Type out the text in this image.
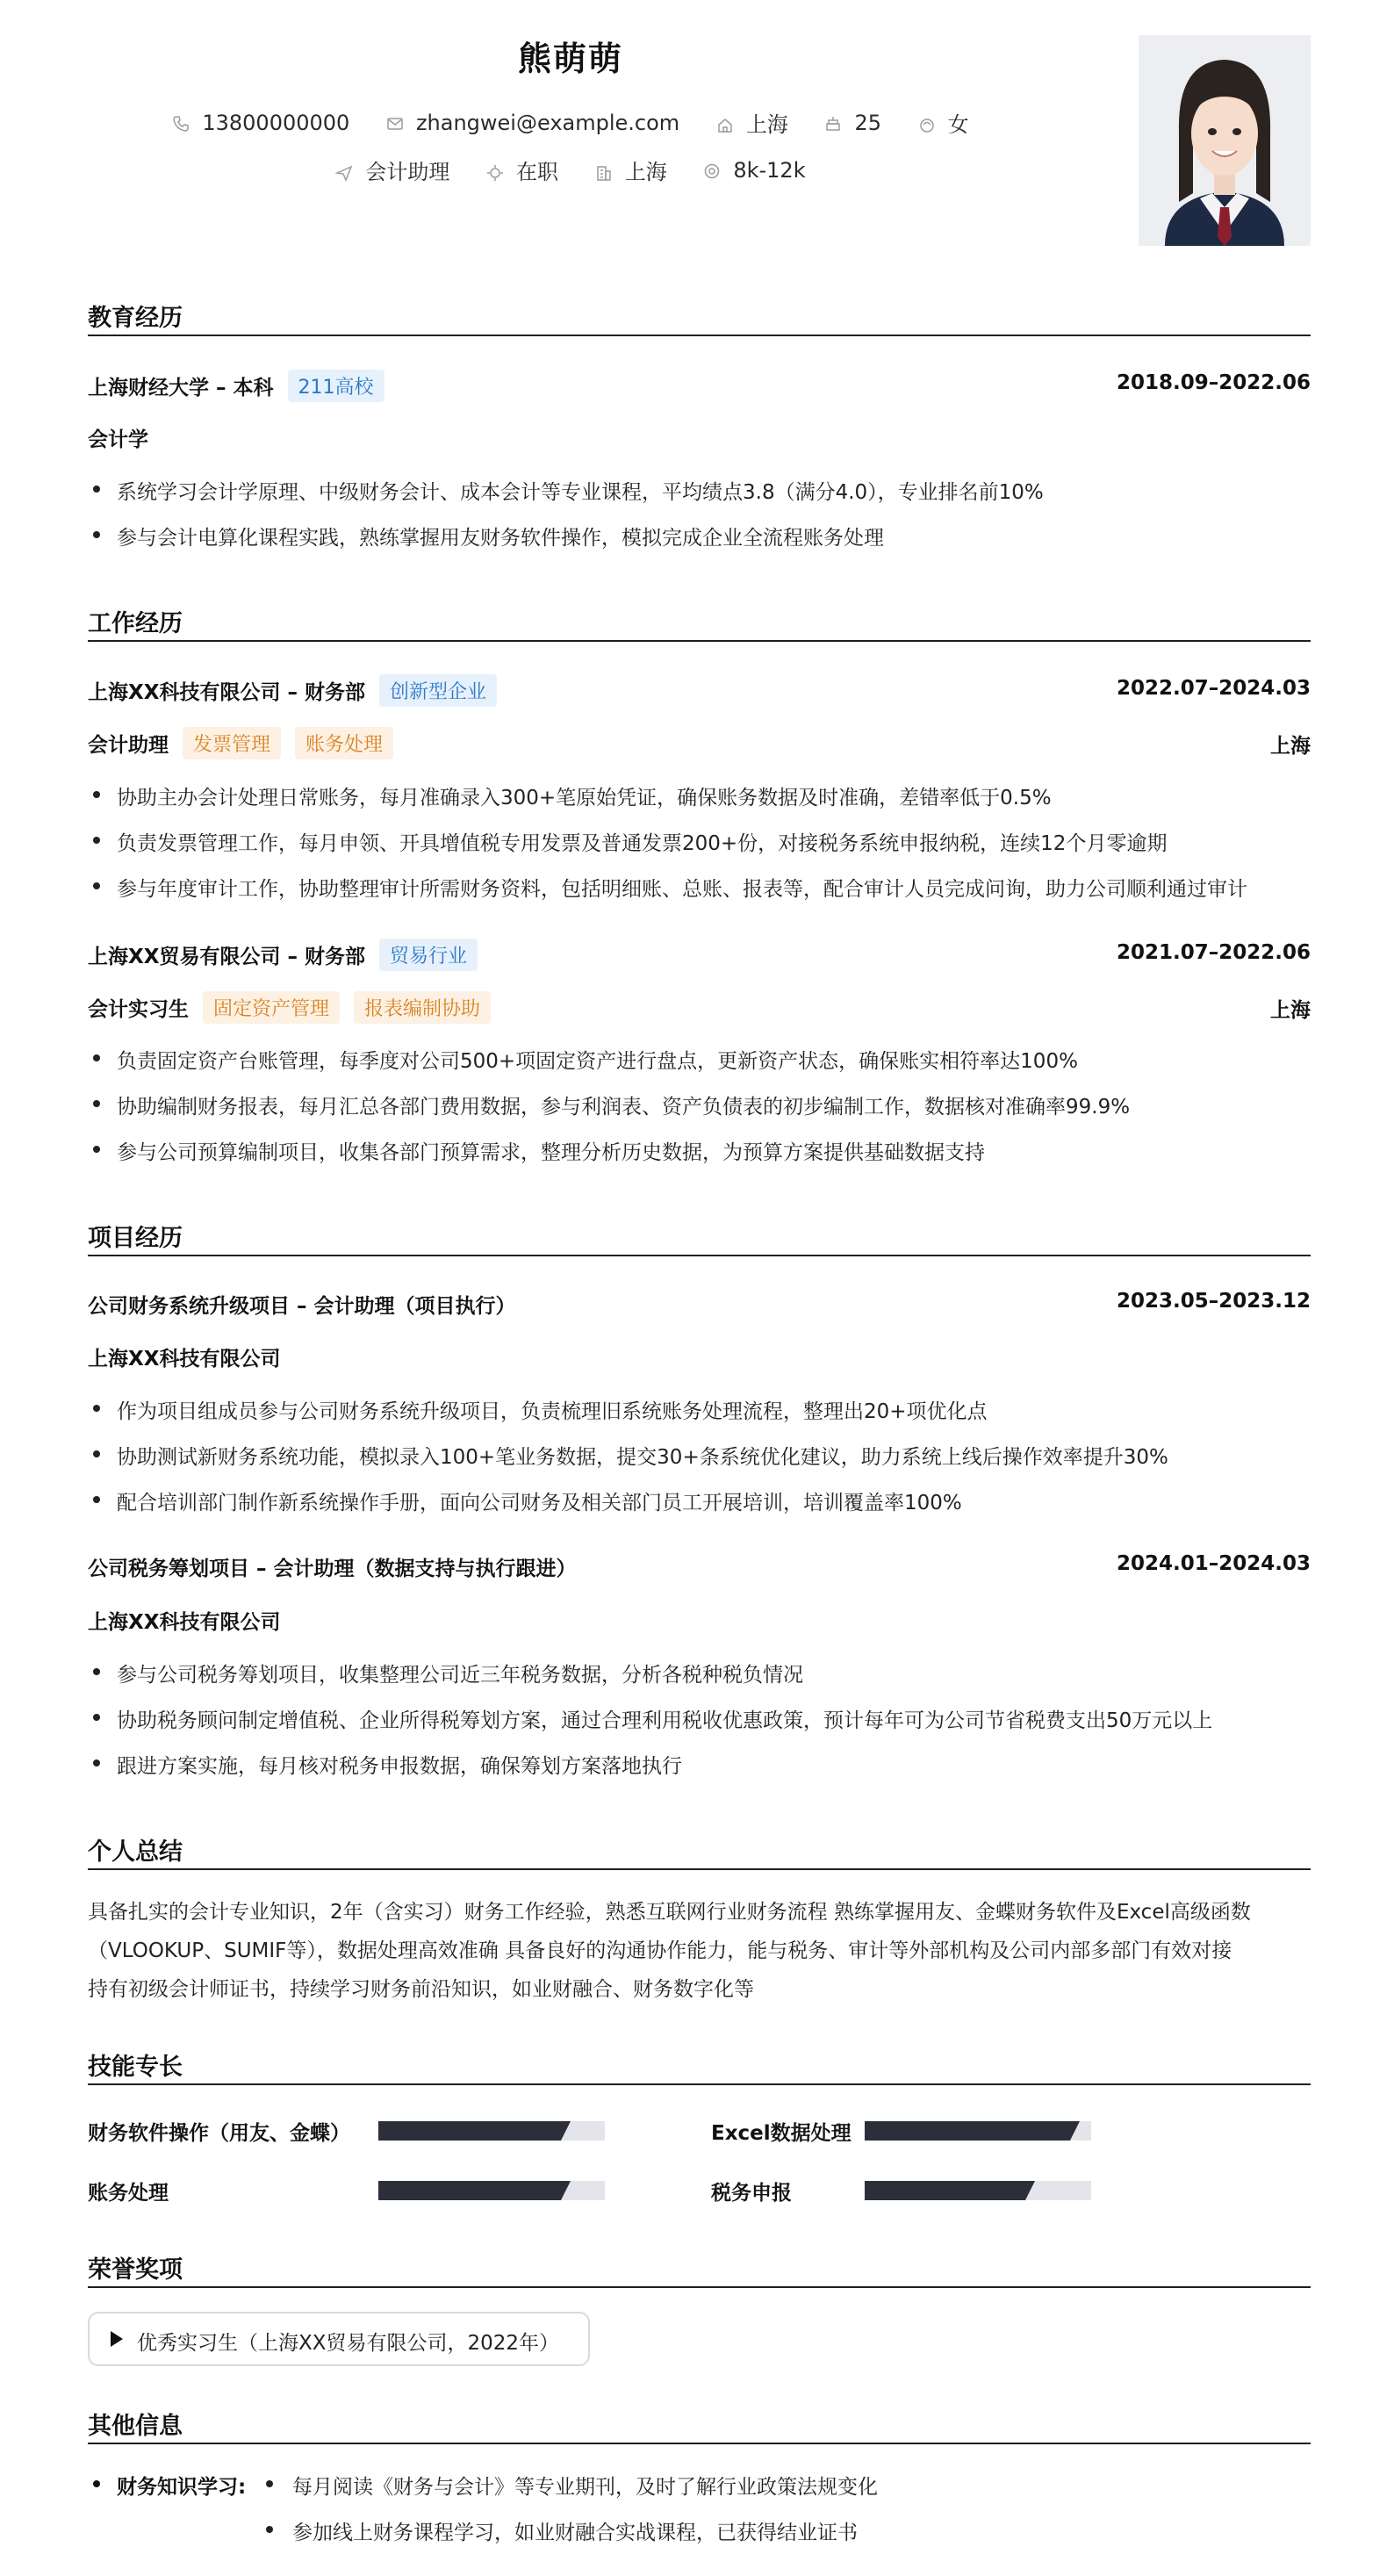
熊萌萌
13800000000	zhangwei@example.com	上海	25	女
会计助理	在职	上海	8k-12k
教育经历
上海财经大学 – 本科 211高校	2018.09–2022.06
会计学
系统学习会计学原理、中级财务会计、成本会计等专业课程，平均绩点3.8（满分4.0），专业排名前10%
参与会计电算化课程实践，熟练掌握用友财务软件操作，模拟完成企业全流程账务处理
工作经历
上海XX科技有限公司 – 财务部 创新型企业	2022.07–2024.03
会计助理 发票管理 账务处理	上海
协助主办会计处理日常账务，每月准确录入300+笔原始凭证，确保账务数据及时准确，差错率低于0.5%
负责发票管理工作，每月申领、开具增值税专用发票及普通发票200+份，对接税务系统申报纳税，连续12个月零逾期
参与年度审计工作，协助整理审计所需财务资料，包括明细账、总账、报表等，配合审计人员完成问询，助力公司顺利通过审计
上海XX贸易有限公司 – 财务部 贸易行业	2021.07–2022.06
会计实习生 固定资产管理 报表编制协助	上海
负责固定资产台账管理，每季度对公司500+项固定资产进行盘点，更新资产状态，确保账实相符率达100%
协助编制财务报表，每月汇总各部门费用数据，参与利润表、资产负债表的初步编制工作，数据核对准确率99.9%
参与公司预算编制项目，收集各部门预算需求，整理分析历史数据，为预算方案提供基础数据支持
项目经历
公司财务系统升级项目 – 会计助理（项目执行）	2023.05–2023.12
上海XX科技有限公司
作为项目组成员参与公司财务系统升级项目，负责梳理旧系统账务处理流程，整理出20+项优化点
协助测试新财务系统功能，模拟录入100+笔业务数据，提交30+条系统优化建议，助力系统上线后操作效率提升30%
配合培训部门制作新系统操作手册，面向公司财务及相关部门员工开展培训，培训覆盖率100%
公司税务筹划项目 – 会计助理（数据支持与执行跟进）	2024.01–2024.03
上海XX科技有限公司
参与公司税务筹划项目，收集整理公司近三年税务数据，分析各税种税负情况
协助税务顾问制定增值税、企业所得税筹划方案，通过合理利用税收优惠政策，预计每年可为公司节省税费支出50万元以上
跟进方案实施，每月核对税务申报数据，确保筹划方案落地执行
个人总结
具备扎实的会计专业知识，2年（含实习）财务工作经验，熟悉互联网行业财务流程 熟练掌握用友、金蝶财务软件及Excel高级函数
（VLOOKUP、SUMIF等），数据处理高效准确 具备良好的沟通协作能力，能与税务、审计等外部机构及公司内部多部门有效对接
持有初级会计师证书，持续学习财务前沿知识，如业财融合、财务数字化等
技能专长
财务软件操作（用友、金蝶）	Excel数据处理
账务处理	税务申报
荣誉奖项
优秀实习生（上海XX贸易有限公司，2022年）
其他信息
财务知识学习:	每月阅读《财务与会计》等专业期刊，及时了解行业政策法规变化
参加线上财务课程学习，如业财融合实战课程，已获得结业证书
